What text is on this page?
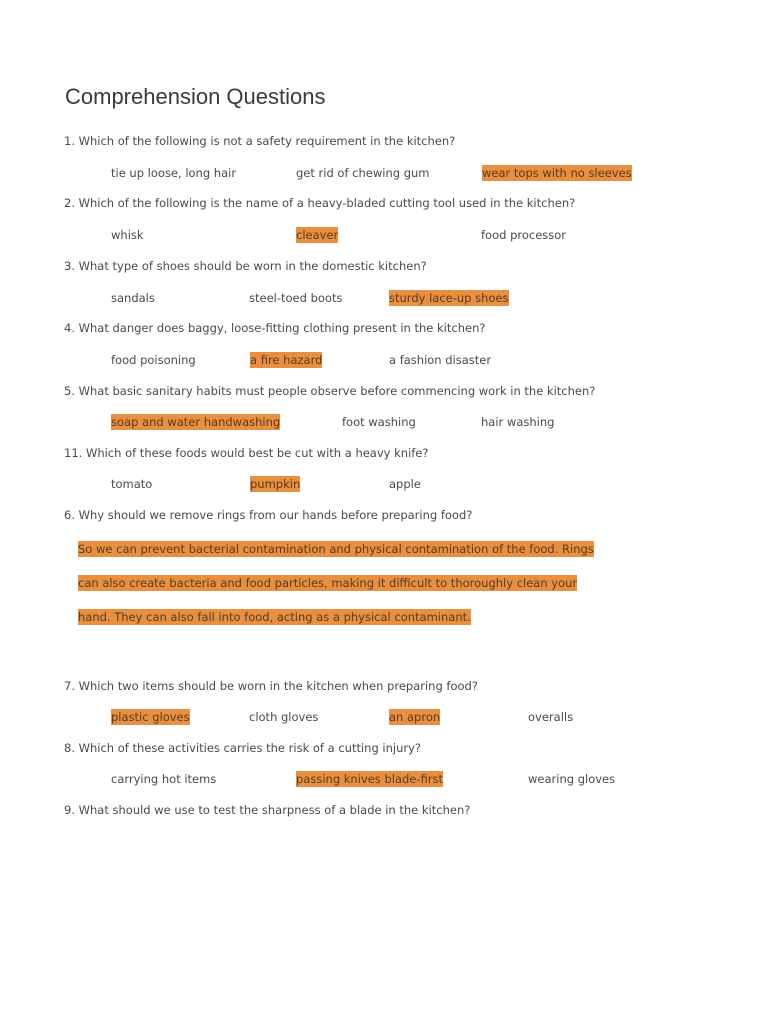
Comprehension Questions
1. Which of the following is not a safety requirement in the kitchen?
tie up loose, long hair	get rid of chewing gum	wear tops with no sleeves
2. Which of the following is the name of a heavy-bladed cutting tool used in the kitchen?
whisk	cleaver	food processor
3. What type of shoes should be worn in the domestic kitchen?
sandals	steel-toed boots	sturdy lace-up shoes
4. What danger does baggy, loose-fitting clothing present in the kitchen?
food poisoning	a fire hazard	a fashion disaster
5. What basic sanitary habits must people observe before commencing work in the kitchen?
soap and water handwashing	foot washing	hair washing
11. Which of these foods would best be cut with a heavy knife?
tomato	pumpkin	apple
6. Why should we remove rings from our hands before preparing food?
So we can prevent bacterial contamination and physical contamination of the food. Rings
can also create bacteria and food particles, making it difficult to thoroughly clean your
hand. They can also fall into food, acting as a physical contaminant.
7. Which two items should be worn in the kitchen when preparing food?
plastic gloves	cloth gloves	an apron	overalls
8. Which of these activities carries the risk of a cutting injury?
carrying hot items	passing knives blade-first	wearing gloves
9. What should we use to test the sharpness of a blade in the kitchen?
